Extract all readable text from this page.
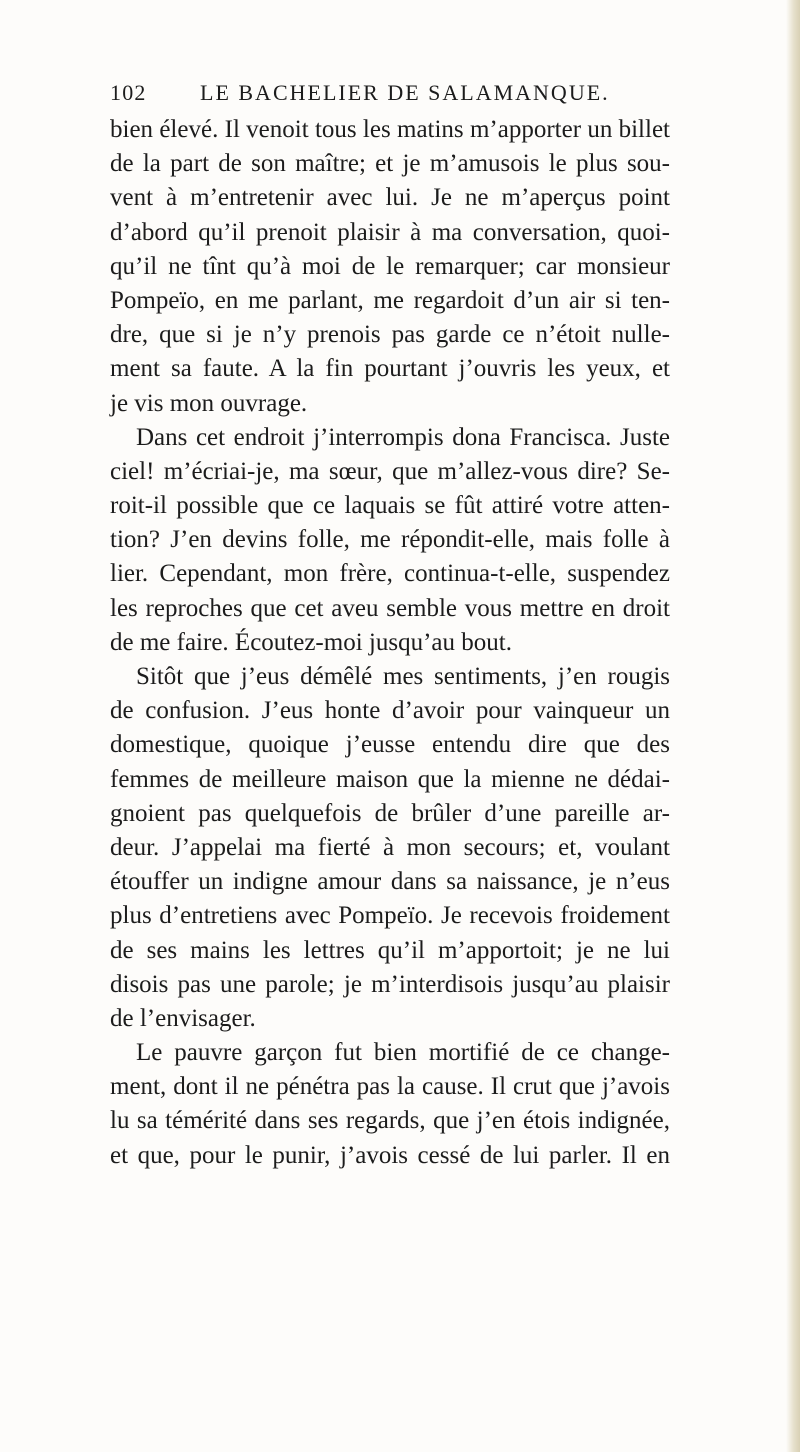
102 LE BACHELIER DE SALAMANQUE.
bien élevé. Il venoit tous les matins m’apporter un billet
de la part de son maître; et je m’amusois le plus sou-
vent à m’entretenir avec lui. Je ne m’aperçus point
d’abord qu’il prenoit plaisir à ma conversation, quoi-
qu’il ne tînt qu’à moi de le remarquer; car monsieur
Pompeïo, en me parlant, me regardoit d’un air si ten-
dre, que si je n’y prenois pas garde ce n’étoit nulle-
ment sa faute. A la fin pourtant j’ouvris les yeux, et
je vis mon ouvrage.
Dans cet endroit j’interrompis dona Francisca. Juste
ciel! m’écriai-je, ma sœur, que m’allez-vous dire? Se-
roit-il possible que ce laquais se fût attiré votre atten-
tion? J’en devins folle, me répondit-elle, mais folle à
lier. Cependant, mon frère, continua-t-elle, suspendez
les reproches que cet aveu semble vous mettre en droit
de me faire. Écoutez-moi jusqu’au bout.
Sitôt que j’eus démêlé mes sentiments, j’en rougis
de confusion. J’eus honte d’avoir pour vainqueur un
domestique, quoique j’eusse entendu dire que des
femmes de meilleure maison que la mienne ne dédai-
gnoient pas quelquefois de brûler d’une pareille ar-
deur. J’appelai ma fierté à mon secours; et, voulant
étouffer un indigne amour dans sa naissance, je n’eus
plus d’entretiens avec Pompeïo. Je recevois froidement
de ses mains les lettres qu’il m’apportoit; je ne lui
disois pas une parole; je m’interdisois jusqu’au plaisir
de l’envisager.
Le pauvre garçon fut bien mortifié de ce change-
ment, dont il ne pénétra pas la cause. Il crut que j’avois
lu sa témérité dans ses regards, que j’en étois indignée,
et que, pour le punir, j’avois cessé de lui parler. Il en
